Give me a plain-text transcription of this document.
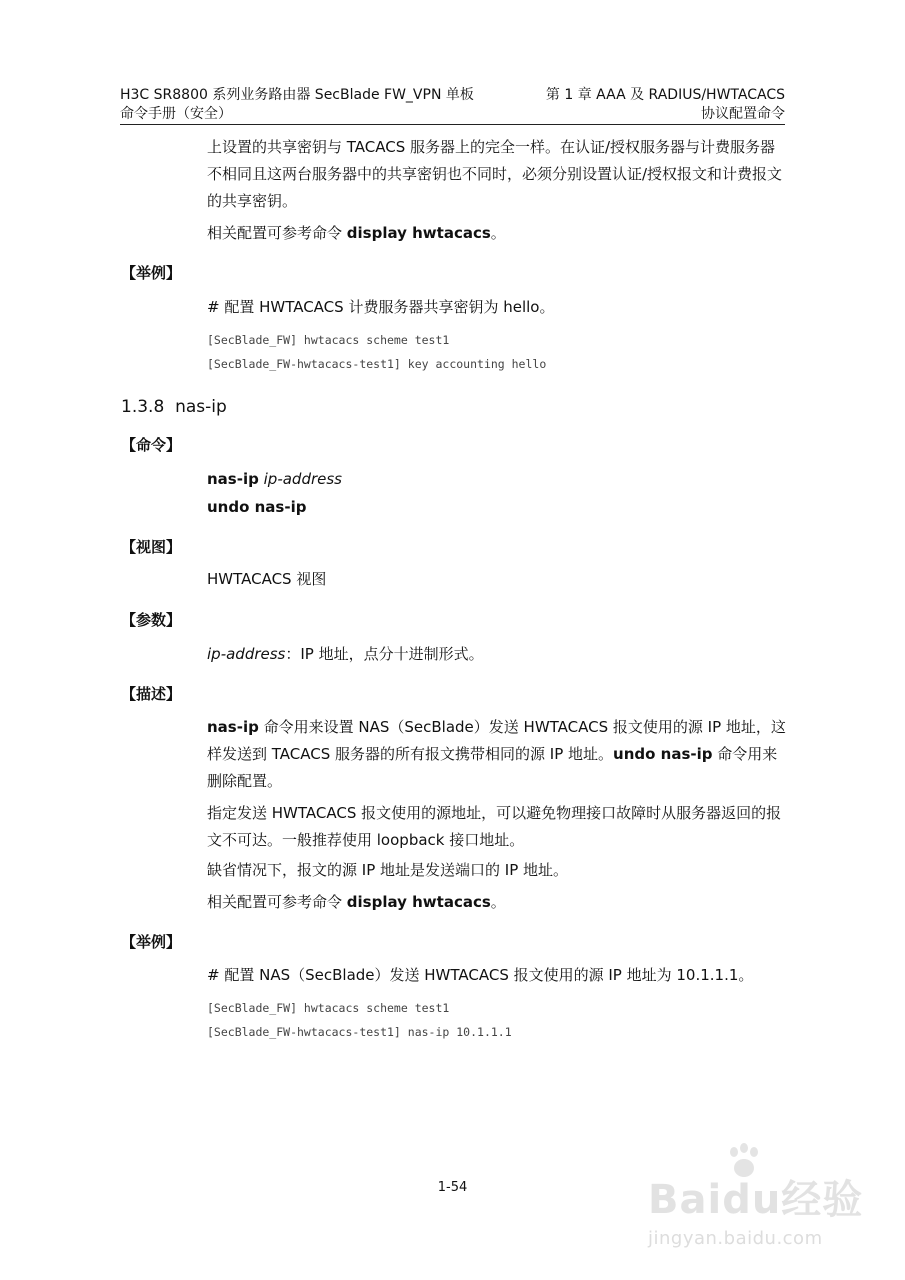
H3C SR8800 系列业务路由器 SecBlade FW_VPN 单板	第 1 章 AAA 及 RADIUS/HWTACACS
命令手册（安全）	协议配置命令
上设置的共享密钥与 TACACS 服务器上的完全一样。在认证/授权服务器与计费服务器不相同且这两台服务器中的共享密钥也不同时，必须分别设置认证/授权报文和计费报文的共享密钥。
相关配置可参考命令 display hwtacacs。
【举例】
# 配置 HWTACACS 计费服务器共享密钥为 hello。
[SecBlade_FW] hwtacacs scheme test1
[SecBlade_FW-hwtacacs-test1] key accounting hello
1.3.8 nas-ip
【命令】
nas-ip ip-address
undo nas-ip
【视图】
HWTACACS 视图
【参数】
ip-address：IP 地址，点分十进制形式。
【描述】
nas-ip 命令用来设置 NAS（SecBlade）发送 HWTACACS 报文使用的源 IP 地址，这样发送到 TACACS 服务器的所有报文携带相同的源 IP 地址。undo nas-ip 命令用来删除配置。
指定发送 HWTACACS 报文使用的源地址，可以避免物理接口故障时从服务器返回的报文不可达。一般推荐使用 loopback 接口地址。
缺省情况下，报文的源 IP 地址是发送端口的 IP 地址。
相关配置可参考命令 display hwtacacs。
【举例】
# 配置 NAS（SecBlade）发送 HWTACACS 报文使用的源 IP 地址为 10.1.1.1。
[SecBlade_FW] hwtacacs scheme test1
[SecBlade_FW-hwtacacs-test1] nas-ip 10.1.1.1
1-54	Baidu经验
jingyan.baidu.com
